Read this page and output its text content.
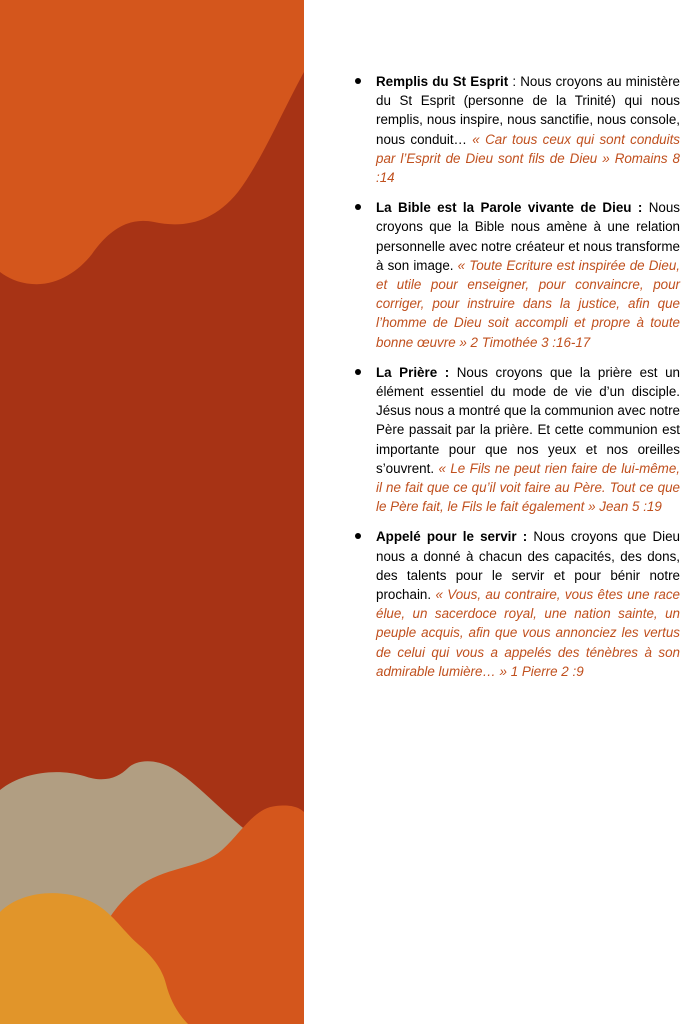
Remplis du St Esprit : Nous croyons au ministère du St Esprit (personne de la Trinité) qui nous remplis, nous inspire, nous sanctifie, nous console, nous conduit… « Car tous ceux qui sont conduits par l’Esprit de Dieu sont fils de Dieu » Romains 8 :14
La Bible est la Parole vivante de Dieu : Nous croyons que la Bible nous amène à une relation personnelle avec notre créateur et nous transforme à son image. « Toute Ecriture est inspirée de Dieu, et utile pour enseigner, pour convaincre, pour corriger, pour instruire dans la justice, afin que l’homme de Dieu soit accompli et propre à toute bonne œuvre » 2 Timothée 3 :16-17
La Prière : Nous croyons que la prière est un élément essentiel du mode de vie d’un disciple. Jésus nous a montré que la communion avec notre Père passait par la prière. Et cette communion est importante pour que nos yeux et nos oreilles s’ouvrent. « Le Fils ne peut rien faire de lui-même, il ne fait que ce qu’il voit faire au Père. Tout ce que le Père fait, le Fils le fait également » Jean 5 :19
Appelé pour le servir : Nous croyons que Dieu nous a donné à chacun des capacités, des dons, des talents pour le servir et pour bénir notre prochain. « Vous, au contraire, vous êtes une race élue, un sacerdoce royal, une nation sainte, un peuple acquis, afin que vous annonciez les vertus de celui qui vous a appelés des ténèbres à son admirable lumière… » 1 Pierre 2 :9
